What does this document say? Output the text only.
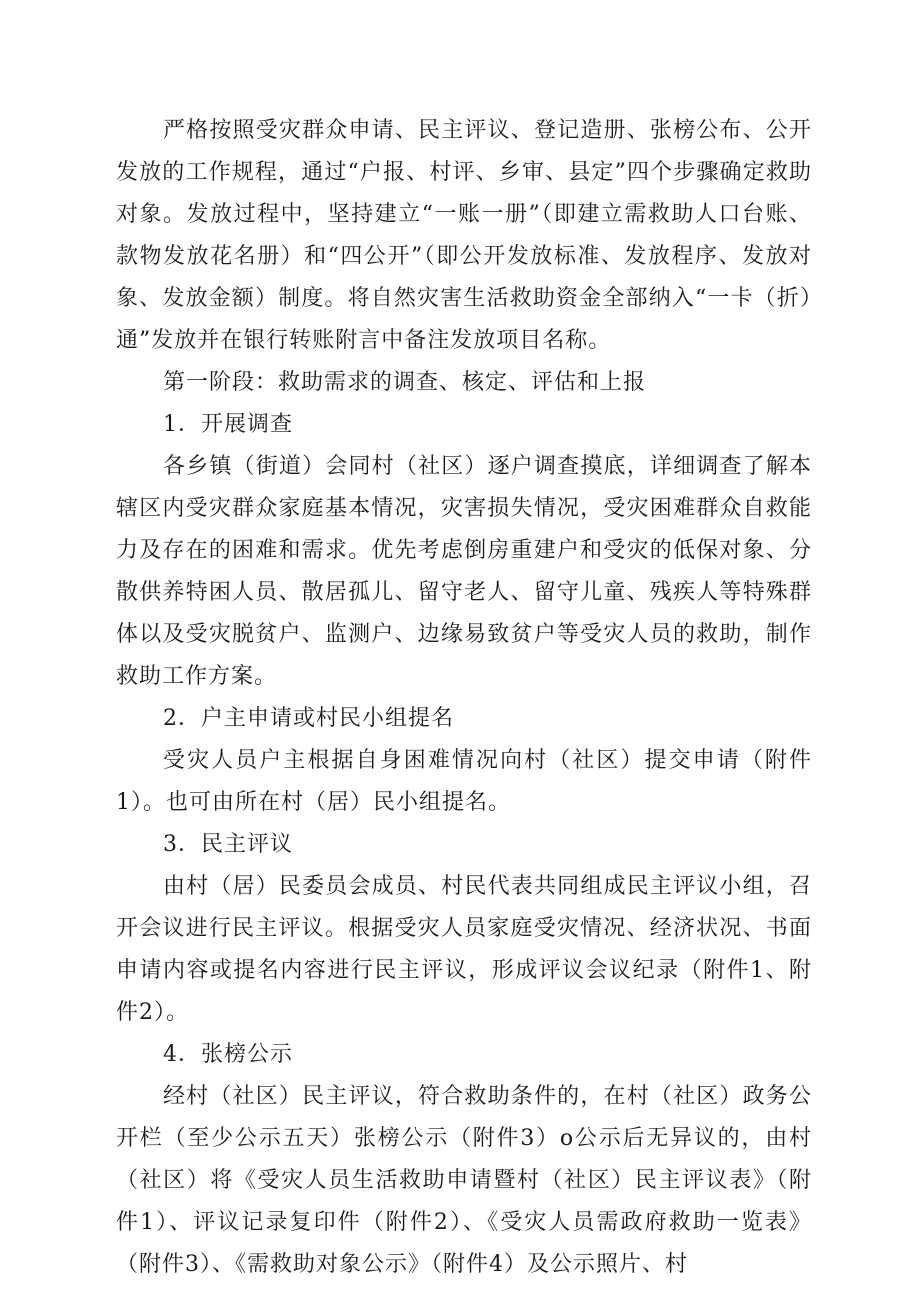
严格按照受灾群众申请、民主评议、登记造册、张榜公布、公开发放的工作规程，通过“户报、村评、乡审、县定”四个步骤确定救助对象。发放过程中，坚持建立“一账一册”（即建立需救助人口台账、款物发放花名册）和“四公开”（即公开发放标准、发放程序、发放对象、发放金额）制度。将自然灾害生活救助资金全部纳入“一卡（折）通”发放并在银行转账附言中备注发放项目名称。

第一阶段：救助需求的调查、核定、评估和上报

1．开展调查

各乡镇（街道）会同村（社区）逐户调查摸底，详细调查了解本辖区内受灾群众家庭基本情况，灾害损失情况，受灾困难群众自救能力及存在的困难和需求。优先考虑倒房重建户和受灾的低保对象、分散供养特困人员、散居孤儿、留守老人、留守儿童、残疾人等特殊群体以及受灾脱贫户、监测户、边缘易致贫户等受灾人员的救助，制作救助工作方案。

2．户主申请或村民小组提名

受灾人员户主根据自身困难情况向村（社区）提交申请（附件1）。也可由所在村（居）民小组提名。

3．民主评议

由村（居）民委员会成员、村民代表共同组成民主评议小组，召开会议进行民主评议。根据受灾人员家庭受灾情况、经济状况、书面申请内容或提名内容进行民主评议，形成评议会议纪录（附件1、附件2）。

4．张榜公示

经村（社区）民主评议，符合救助条件的，在村（社区）政务公开栏（至少公示五天）张榜公示（附件3）o公示后无异议的，由村（社区）将《受灾人员生活救助申请暨村（社区）民主评议表》（附件1）、评议记录复印件（附件2）、《受灾人员需政府救助一览表》（附件3）、《需救助对象公示》（附件4）及公示照片、村
